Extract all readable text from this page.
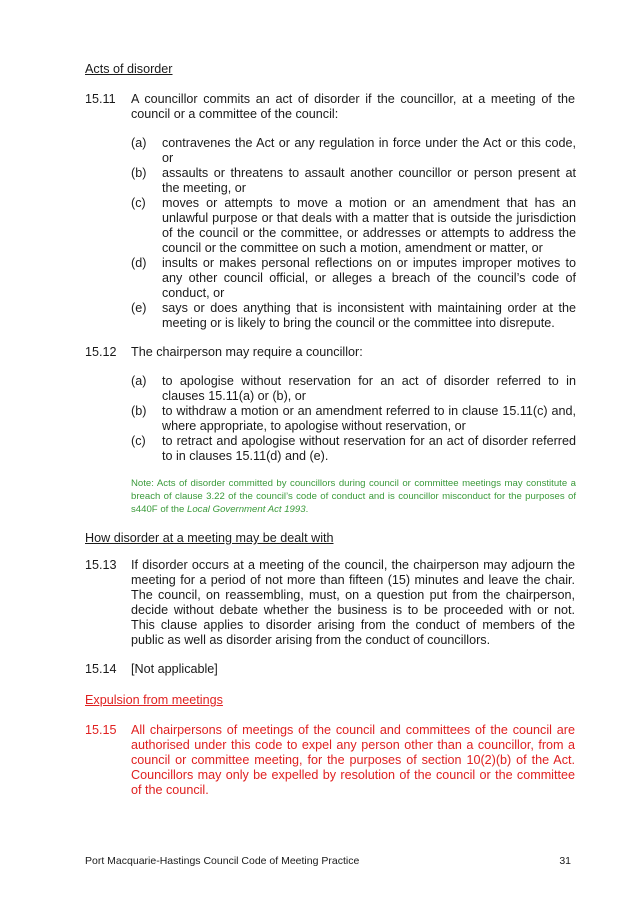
Acts of disorder
15.11	A councillor commits an act of disorder if the councillor, at a meeting of the council or a committee of the council:
(a)	contravenes the Act or any regulation in force under the Act or this code, or
(b)	assaults or threatens to assault another councillor or person present at the meeting, or
(c)	moves or attempts to move a motion or an amendment that has an unlawful purpose or that deals with a matter that is outside the jurisdiction of the council or the committee, or addresses or attempts to address the council or the committee on such a motion, amendment or matter, or
(d)	insults or makes personal reflections on or imputes improper motives to any other council official, or alleges a breach of the council’s code of conduct, or
(e)	says or does anything that is inconsistent with maintaining order at the meeting or is likely to bring the council or the committee into disrepute.
15.12	The chairperson may require a councillor:
(a)	to apologise without reservation for an act of disorder referred to in clauses 15.11(a) or (b), or
(b)	to withdraw a motion or an amendment referred to in clause 15.11(c) and, where appropriate, to apologise without reservation, or
(c)	to retract and apologise without reservation for an act of disorder referred to in clauses 15.11(d) and (e).
Note: Acts of disorder committed by councillors during council or committee meetings may constitute a breach of clause 3.22 of the council’s code of conduct and is councillor misconduct for the purposes of s440F of the Local Government Act 1993.
How disorder at a meeting may be dealt with
15.13	If disorder occurs at a meeting of the council, the chairperson may adjourn the meeting for a period of not more than fifteen (15) minutes and leave the chair. The council, on reassembling, must, on a question put from the chairperson, decide without debate whether the business is to be proceeded with or not. This clause applies to disorder arising from the conduct of members of the public as well as disorder arising from the conduct of councillors.
15.14	[Not applicable]
Expulsion from meetings
15.15	All chairpersons of meetings of the council and committees of the council are authorised under this code to expel any person other than a councillor, from a council or committee meeting, for the purposes of section 10(2)(b) of the Act. Councillors may only be expelled by resolution of the council or the committee of the council.
Port Macquarie-Hastings Council Code of Meeting Practice	31
